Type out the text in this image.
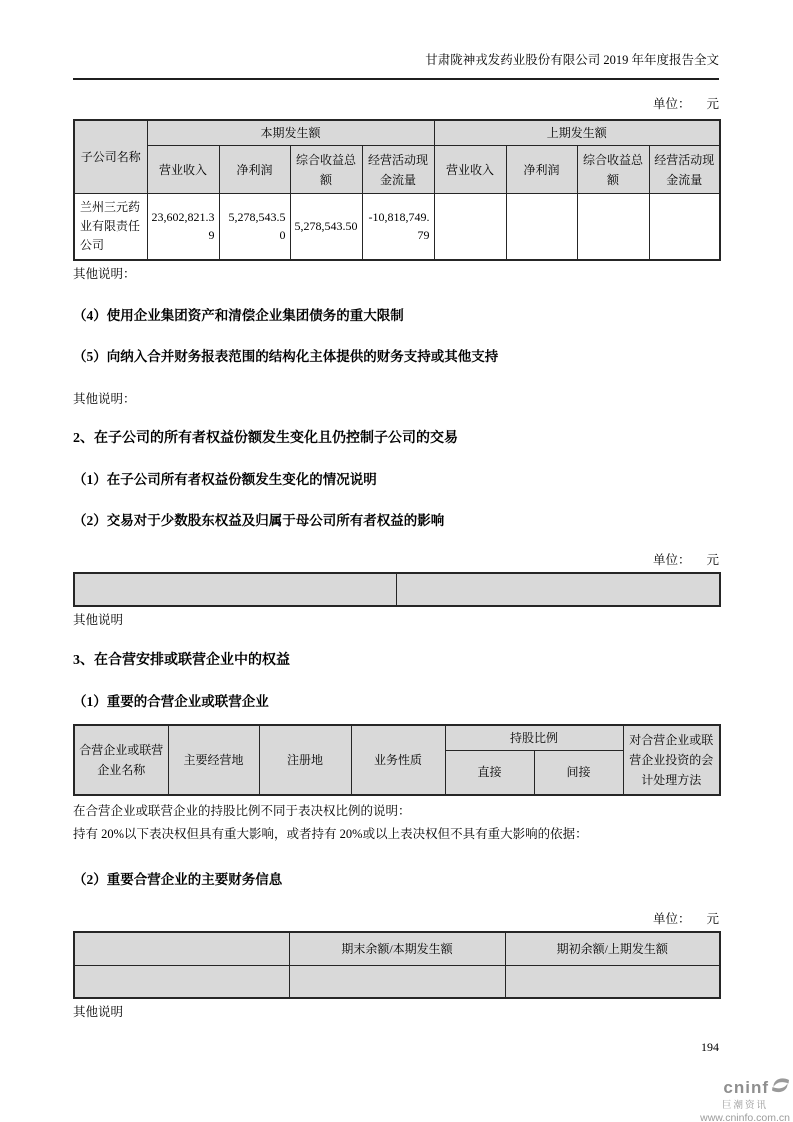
甘肃陇神戎发药业股份有限公司 2019 年年度报告全文
单位： 元
子公司名称	本期发生额				上期发生额			
	营业收入	净利润	综合收益总额	经营活动现金流量	营业收入	净利润	综合收益总额	经营活动现金流量
兰州三元药业有限责任公司	23,602,821.39	5,278,543.50	5,278,543.50	-10,818,749.79				
其他说明：
（4）使用企业集团资产和清偿企业集团债务的重大限制
（5）向纳入合并财务报表范围的结构化主体提供的财务支持或其他支持
其他说明：
2、在子公司的所有者权益份额发生变化且仍控制子公司的交易
（1）在子公司所有者权益份额发生变化的情况说明
（2）交易对于少数股东权益及归属于母公司所有者权益的影响
单位： 元

其他说明
3、在合营安排或联营企业中的权益
（1）重要的合营企业或联营企业
合营企业或联营企业名称	主要经营地	注册地	业务性质	持股比例		对合营企业或联营企业投资的会计处理方法
				直接	间接	
在合营企业或联营企业的持股比例不同于表决权比例的说明：
持有 20%以下表决权但具有重大影响，或者持有 20%或以上表决权但不具有重大影响的依据：
（2）重要合营企业的主要财务信息
单位： 元
	期末余额/本期发生额	期初余额/上期发生额

其他说明
194
cninf
巨潮资讯
www.cninfo.com.cn
